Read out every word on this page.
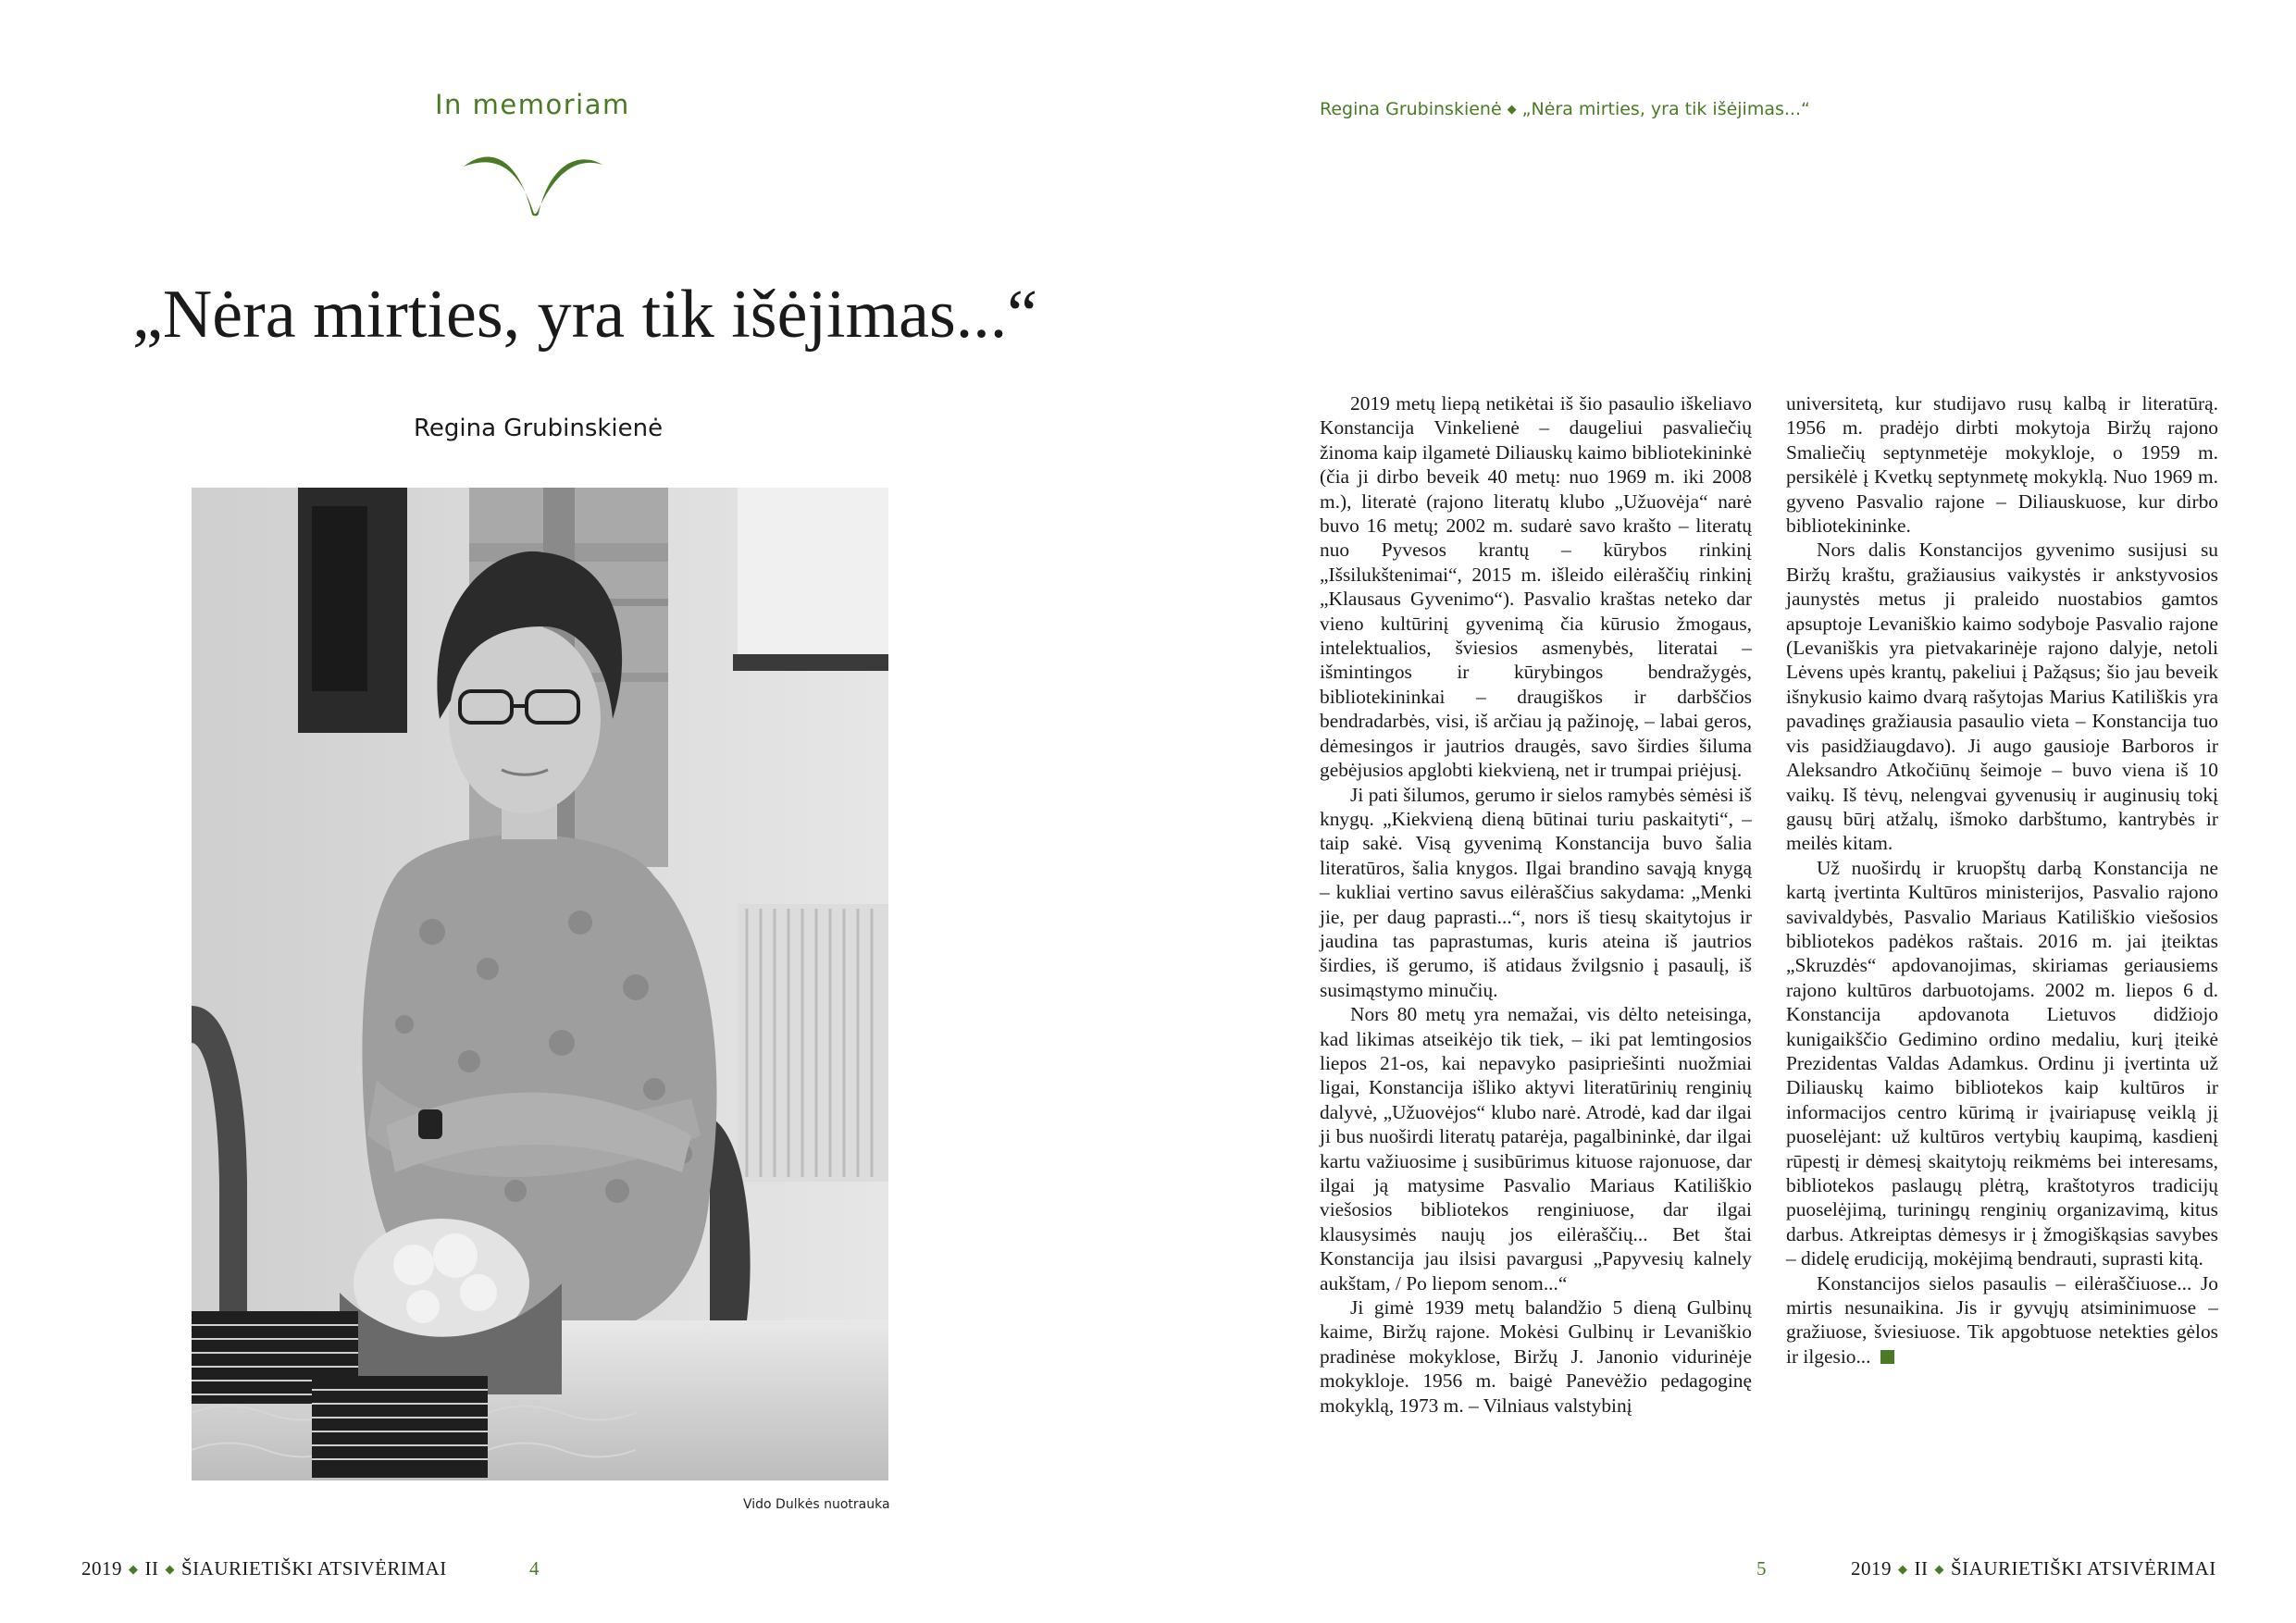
In memoriam
„Nėra mirties, yra tik išėjimas...“
Regina Grubinskienė
Vido Dulkės nuotrauka
2019 ◆ II ◆ ŠIAURIETIŠKI ATSIVĖRIMAI	4
Regina Grubinskienė ◆ „Nėra mirties, yra tik išėjimas...“

2019 metų liepą netikėtai iš šio pasaulio iškeliavo Konstancija Vinkelienė – daugeliui pasvaliečių žinoma kaip ilgametė Diliauskų kaimo bibliotekininkė (čia ji dirbo beveik 40 metų: nuo 1969 m. iki 2008 m.), literatė (rajono literatų klubo „Užuovėja“ narė buvo 16 metų; 2002 m. sudarė savo krašto – literatų nuo Pyvesos krantų – kūrybos rinkinį „Išsilukštenimai“, 2015 m. išleido eilėraščių rinkinį „Klausaus Gyvenimo“). Pasvalio kraštas neteko dar vieno kultūrinį gyvenimą čia kūrusio žmogaus, intelektualios, šviesios asmenybės, literatai – išmintingos ir kūrybingos bendražygės, bibliotekininkai – draugiškos ir darbščios bendradarbės, visi, iš arčiau ją pažinoję, – labai geros, dėmesingos ir jautrios draugės, savo širdies šiluma gebėjusios apglobti kiekvieną, net ir trumpai priėjusį.

Ji pati šilumos, gerumo ir sielos ramybės sėmėsi iš knygų. „Kiekvieną dieną būtinai turiu paskaityti“, – taip sakė. Visą gyvenimą Konstancija buvo šalia literatūros, šalia knygos. Ilgai brandino savąją knygą – kukliai vertino savus eilėraščius sakydama: „Menki jie, per daug paprasti...“, nors iš tiesų skaitytojus ir jaudina tas paprastumas, kuris ateina iš jautrios širdies, iš gerumo, iš atidaus žvilgsnio į pasaulį, iš susimąstymo minučių.

Nors 80 metų yra nemažai, vis dėlto neteisinga, kad likimas atseikėjo tik tiek, – iki pat lemtingosios liepos 21-os, kai nepavyko pasipriešinti nuožmiai ligai, Konstancija išliko aktyvi literatūrinių renginių dalyvė, „Užuovėjos“ klubo narė. Atrodė, kad dar ilgai ji bus nuoširdi literatų patarėja, pagalbininkė, dar ilgai kartu važiuosime į susibūrimus kituose rajonuose, dar ilgai ją matysime Pasvalio Mariaus Katiliškio viešosios bibliotekos renginiuose, dar ilgai klausysimės naujų jos eilėraščių... Bet štai Konstancija jau ilsisi pavargusi „Papyvesių kalnely aukštam, / Po liepom senom...“

Ji gimė 1939 metų balandžio 5 dieną Gulbinų kaime, Biržų rajone. Mokėsi Gulbinų ir Levaniškio pradinėse mokyklose, Biržų J. Janonio vidurinėje mokykloje. 1956 m. baigė Panevėžio pedagoginę mokyklą, 1973 m. – Vilniaus valstybinį

universitetą, kur studijavo rusų kalbą ir literatūrą. 1956 m. pradėjo dirbti mokytoja Biržų rajono Smaliečių septynmetėje mokykloje, o 1959 m. persikėlė į Kvetkų septynmetę mokyklą. Nuo 1969 m. gyveno Pasvalio rajone – Diliauskuose, kur dirbo bibliotekininke.

Nors dalis Konstancijos gyvenimo susijusi su Biržų kraštu, gražiausius vaikystės ir ankstyvosios jaunystės metus ji praleido nuostabios gamtos apsuptoje Levaniškio kaimo sodyboje Pasvalio rajone (Levaniškis yra pietvakarinėje rajono dalyje, netoli Lėvens upės krantų, pakeliui į Pažąsus; šio jau beveik išnykusio kaimo dvarą rašytojas Marius Katiliškis yra pavadinęs gražiausia pasaulio vieta – Konstancija tuo vis pasidžiaugdavo). Ji augo gausioje Barboros ir Aleksandro Atkočiūnų šeimoje – buvo viena iš 10 vaikų. Iš tėvų, nelengvai gyvenusių ir auginusių tokį gausų būrį atžalų, išmoko darbštumo, kantrybės ir meilės kitam.

Už nuoširdų ir kruopštų darbą Konstancija ne kartą įvertinta Kultūros ministerijos, Pasvalio rajono savivaldybės, Pasvalio Mariaus Katiliškio viešosios bibliotekos padėkos raštais. 2016 m. jai įteiktas „Skruzdės“ apdovanojimas, skiriamas geriausiems rajono kultūros darbuotojams. 2002 m. liepos 6 d. Konstancija apdovanota Lietuvos didžiojo kunigaikščio Gedimino ordino medaliu, kurį įteikė Prezidentas Valdas Adamkus. Ordinu ji įvertinta už Diliauskų kaimo bibliotekos kaip kultūros ir informacijos centro kūrimą ir įvairiapusę veiklą jį puoselėjant: už kultūros vertybių kaupimą, kasdienį rūpestį ir dėmesį skaitytojų reikmėms bei interesams, bibliotekos paslaugų plėtrą, kraštotyros tradicijų puoselėjimą, turiningų renginių organizavimą, kitus darbus. Atkreiptas dėmesys ir į žmogiškąsias savybes – didelę erudiciją, mokėjimą bendrauti, suprasti kitą.

Konstancijos sielos pasaulis – eilėraščiuose... Jo mirtis nesunaikina. Jis ir gyvųjų atsiminimuose – gražiuose, šviesiuose. Tik apgobtuose netekties gėlos ir ilgesio...

5	2019 ◆ II ◆ ŠIAURIETIŠKI ATSIVĖRIMAI
